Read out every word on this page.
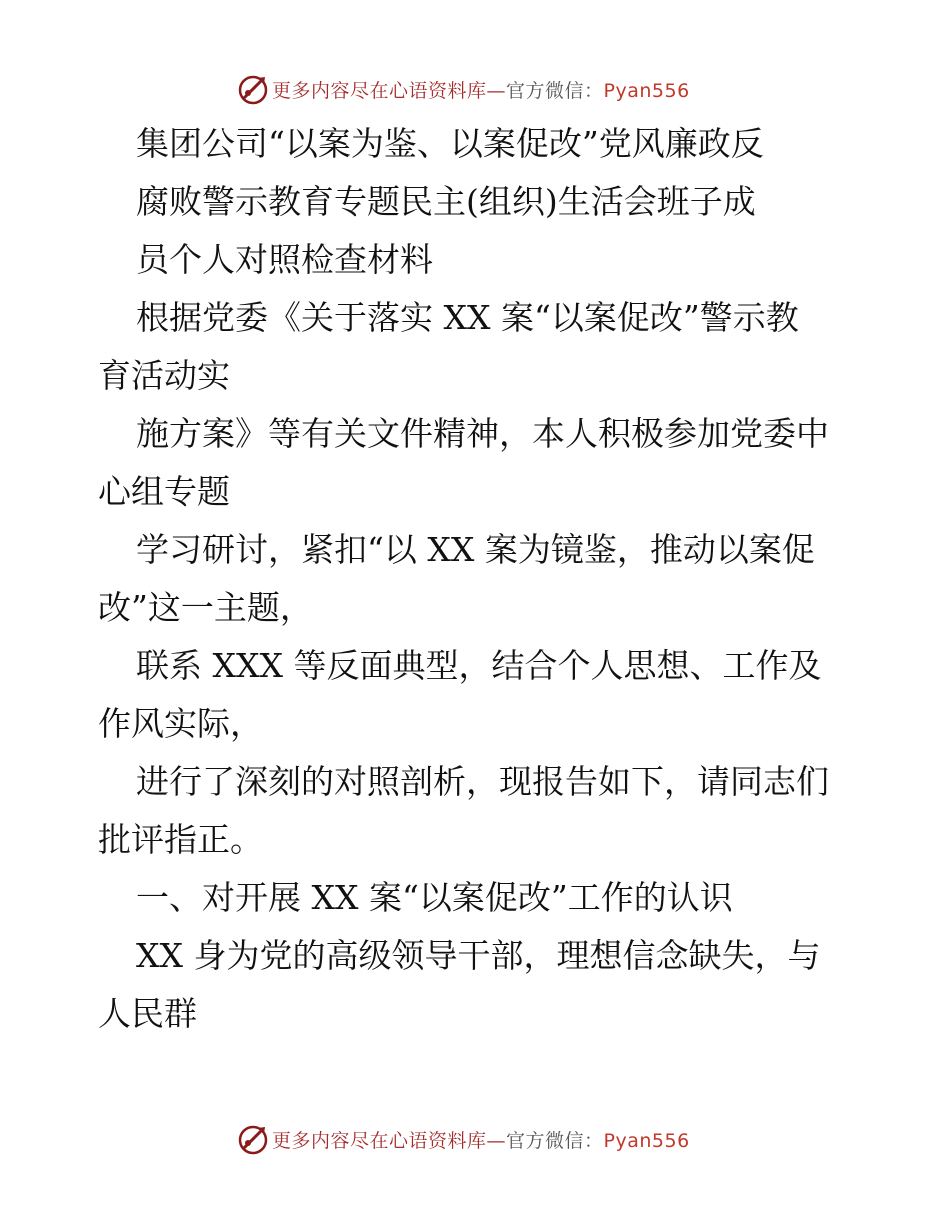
更多内容尽在心语资料库—官方微信：Pyan556
集团公司“以案为鉴、以案促改”党风廉政反
腐败警示教育专题民主(组织)生活会班子成
员个人对照检查材料
根据党委《关于落实 XX 案“以案促改”警示教
育活动实
施方案》等有关文件精神，本人积极参加党委中
心组专题
学习研讨，紧扣“以 XX 案为镜鉴，推动以案促
改”这一主题，
联系 XXX 等反面典型，结合个人思想、工作及
作风实际，
进行了深刻的对照剖析，现报告如下，请同志们
批评指正。
一、对开展 XX 案“以案促改”工作的认识
XX 身为党的高级领导干部，理想信念缺失，与
人民群
更多内容尽在心语资料库—官方微信：Pyan556
